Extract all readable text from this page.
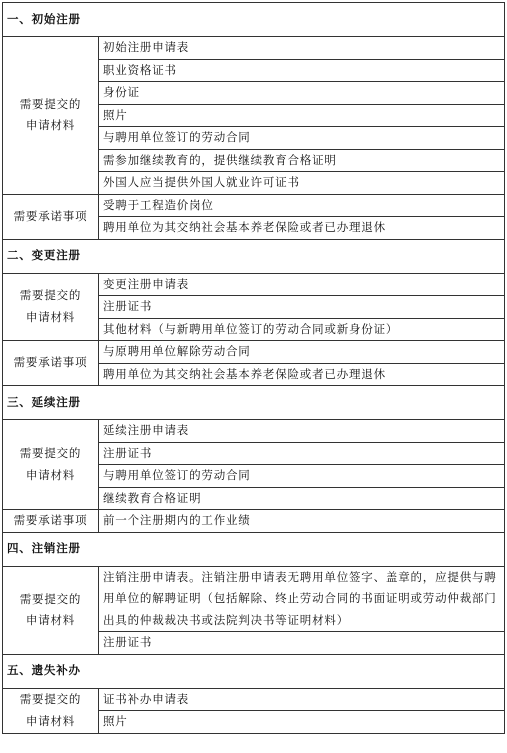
一、初始注册	
需要提交的申请材料	初始注册申请表
	职业资格证书
	身份证
	照片
	与聘用单位签订的劳动合同
	需参加继续教育的，提供继续教育合格证明
	外国人应当提供外国人就业许可证书
需要承诺事项	受聘于工程造价岗位
	聘用单位为其交纳社会基本养老保险或者已办理退休
二、变更注册	
需要提交的申请材料	变更注册申请表
	注册证书
	其他材料（与新聘用单位签订的劳动合同或新身份证）
需要承诺事项	与原聘用单位解除劳动合同
	聘用单位为其交纳社会基本养老保险或者已办理退休
三、延续注册	
需要提交的申请材料	延续注册申请表
	注册证书
	与聘用单位签订的劳动合同
	继续教育合格证明
需要承诺事项	前一个注册期内的工作业绩
四、注销注册	
需要提交的申请材料	注销注册申请表。注销注册申请表无聘用单位签字、盖章的，应提供与聘用单位的解聘证明（包括解除、终止劳动合同的书面证明或劳动仲裁部门出具的仲裁裁决书或法院判决书等证明材料）
	注册证书
五、遗失补办	
需要提交的申请材料	证书补办申请表
	照片
